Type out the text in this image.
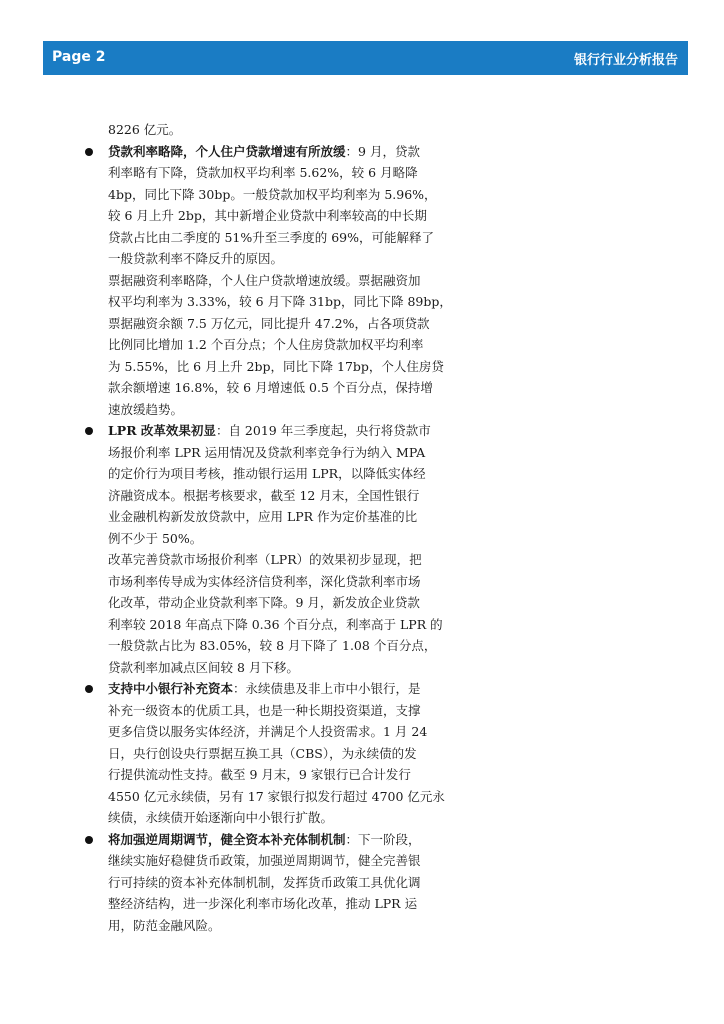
Page 2	银行行业分析报告
8226 亿元。
贷款利率略降，个人住户贷款增速有所放缓：9 月，贷款
利率略有下降，贷款加权平均利率 5.62%，较 6 月略降
4bp，同比下降 30bp。一般贷款加权平均利率为 5.96%，
较 6 月上升 2bp，其中新增企业贷款中利率较高的中长期
贷款占比由二季度的 51%升至三季度的 69%，可能解释了
一般贷款利率不降反升的原因。
票据融资利率略降，个人住户贷款增速放缓。票据融资加
权平均利率为 3.33%，较 6 月下降 31bp，同比下降 89bp，
票据融资余额 7.5 万亿元，同比提升 47.2%，占各项贷款
比例同比增加 1.2 个百分点；个人住房贷款加权平均利率
为 5.55%，比 6 月上升 2bp，同比下降 17bp，个人住房贷
款余额增速 16.8%，较 6 月增速低 0.5 个百分点，保持增
速放缓趋势。
LPR 改革效果初显：自 2019 年三季度起，央行将贷款市
场报价利率 LPR 运用情况及贷款利率竞争行为纳入 MPA
的定价行为项目考核，推动银行运用 LPR，以降低实体经
济融资成本。根据考核要求，截至 12 月末，全国性银行
业金融机构新发放贷款中，应用 LPR 作为定价基准的比
例不少于 50%。
改革完善贷款市场报价利率（LPR）的效果初步显现，把
市场利率传导成为实体经济信贷利率，深化贷款利率市场
化改革，带动企业贷款利率下降。9 月，新发放企业贷款
利率较 2018 年高点下降 0.36 个百分点，利率高于 LPR 的
一般贷款占比为 83.05%，较 8 月下降了 1.08 个百分点，
贷款利率加减点区间较 8 月下移。
支持中小银行补充资本：永续债患及非上市中小银行，是
补充一级资本的优质工具，也是一种长期投资渠道，支撑
更多信贷以服务实体经济，并满足个人投资需求。1 月 24
日，央行创设央行票据互换工具（CBS），为永续债的发
行提供流动性支持。截至 9 月末，9 家银行已合计发行
4550 亿元永续债，另有 17 家银行拟发行超过 4700 亿元永
续债，永续债开始逐渐向中小银行扩散。
将加强逆周期调节，健全资本补充体制机制：下一阶段，
继续实施好稳健货币政策，加强逆周期调节，健全完善银
行可持续的资本补充体制机制，发挥货币政策工具优化调
整经济结构，进一步深化利率市场化改革，推动 LPR 运
用，防范金融风险。
